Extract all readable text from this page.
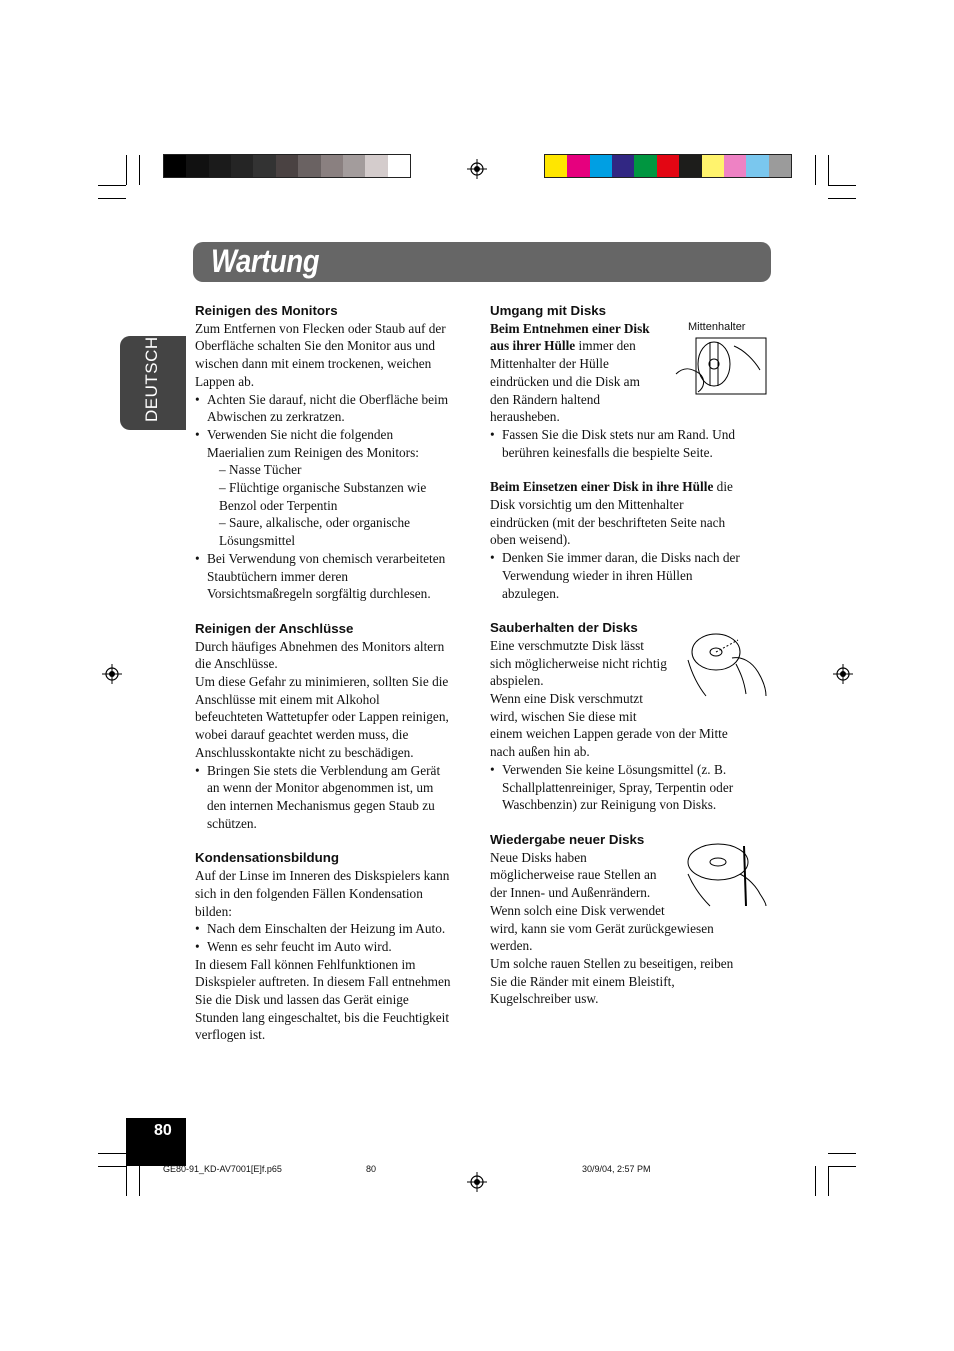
Wartung
DEUTSCH
Reinigen des Monitors
Zum Entfernen von Flecken oder Staub auf der
Oberfläche schalten Sie den Monitor aus und
wischen dann mit einem trockenen, weichen
Lappen ab.
• Achten Sie darauf, nicht die Oberfläche beim
Abwischen zu zerkratzen.
• Verwenden Sie nicht die folgenden
Maerialien zum Reinigen des Monitors:
– Nasse Tücher
– Flüchtige organische Substanzen wie
Benzol oder Terpentin
– Saure, alkalische, oder organische
Lösungsmittel
• Bei Verwendung von chemisch verarbeiteten
Staubtüchern immer deren
Vorsichtsmaßregeln sorgfältig durchlesen.
Reinigen der Anschlüsse
Durch häufiges Abnehmen des Monitors altern
die Anschlüsse.
Um diese Gefahr zu minimieren, sollten Sie die
Anschlüsse mit einem mit Alkohol
befeuchteten Wattetupfer oder Lappen reinigen,
wobei darauf geachtet werden muss, die
Anschlusskontakte nicht zu beschädigen.
• Bringen Sie stets die Verblendung am Gerät
an wenn der Monitor abgenommen ist, um
den internen Mechanismus gegen Staub zu
schützen.
Kondensationsbildung
Auf der Linse im Inneren des Diskspielers kann
sich in den folgenden Fällen Kondensation
bilden:
• Nach dem Einschalten der Heizung im Auto.
• Wenn es sehr feucht im Auto wird.
In diesem Fall können Fehlfunktionen im
Diskspieler auftreten. In diesem Fall entnehmen
Sie die Disk und lassen das Gerät einige
Stunden lang eingeschaltet, bis die Feuchtigkeit
verflogen ist.
Umgang mit Disks
Beim Entnehmen einer Disk
aus ihrer Hülle immer den
Mittenhalter der Hülle
eindrücken und die Disk am
den Rändern haltend
herausheben.
• Fassen Sie die Disk stets nur am Rand. Und
berühren keinesfalls die bespielte Seite.
Beim Einsetzen einer Disk in ihre Hülle die
Disk vorsichtig um den Mittenhalter
eindrücken (mit der beschrifteten Seite nach
oben weisend).
• Denken Sie immer daran, die Disks nach der
Verwendung wieder in ihren Hüllen
abzulegen.
Sauberhalten der Disks
Eine verschmutzte Disk lässt
sich möglicherweise nicht richtig
abspielen.
Wenn eine Disk verschmutzt
wird, wischen Sie diese mit
einem weichen Lappen gerade von der Mitte
nach außen hin ab.
• Verwenden Sie keine Lösungsmittel (z. B.
Schallplattenreiniger, Spray, Terpentin oder
Waschbenzin) zur Reinigung von Disks.
Wiedergabe neuer Disks
Neue Disks haben
möglicherweise raue Stellen an
der Innen- und Außenrändern.
Wenn solch eine Disk verwendet
wird, kann sie vom Gerät zurückgewiesen
werden.
Um solche rauen Stellen zu beseitigen, reiben
Sie die Ränder mit einem Bleistift,
Kugelschreiber usw.
Mittenhalter
80
GE80-91_KD-AV7001[E]f.p65	80	30/9/04, 2:57 PM
